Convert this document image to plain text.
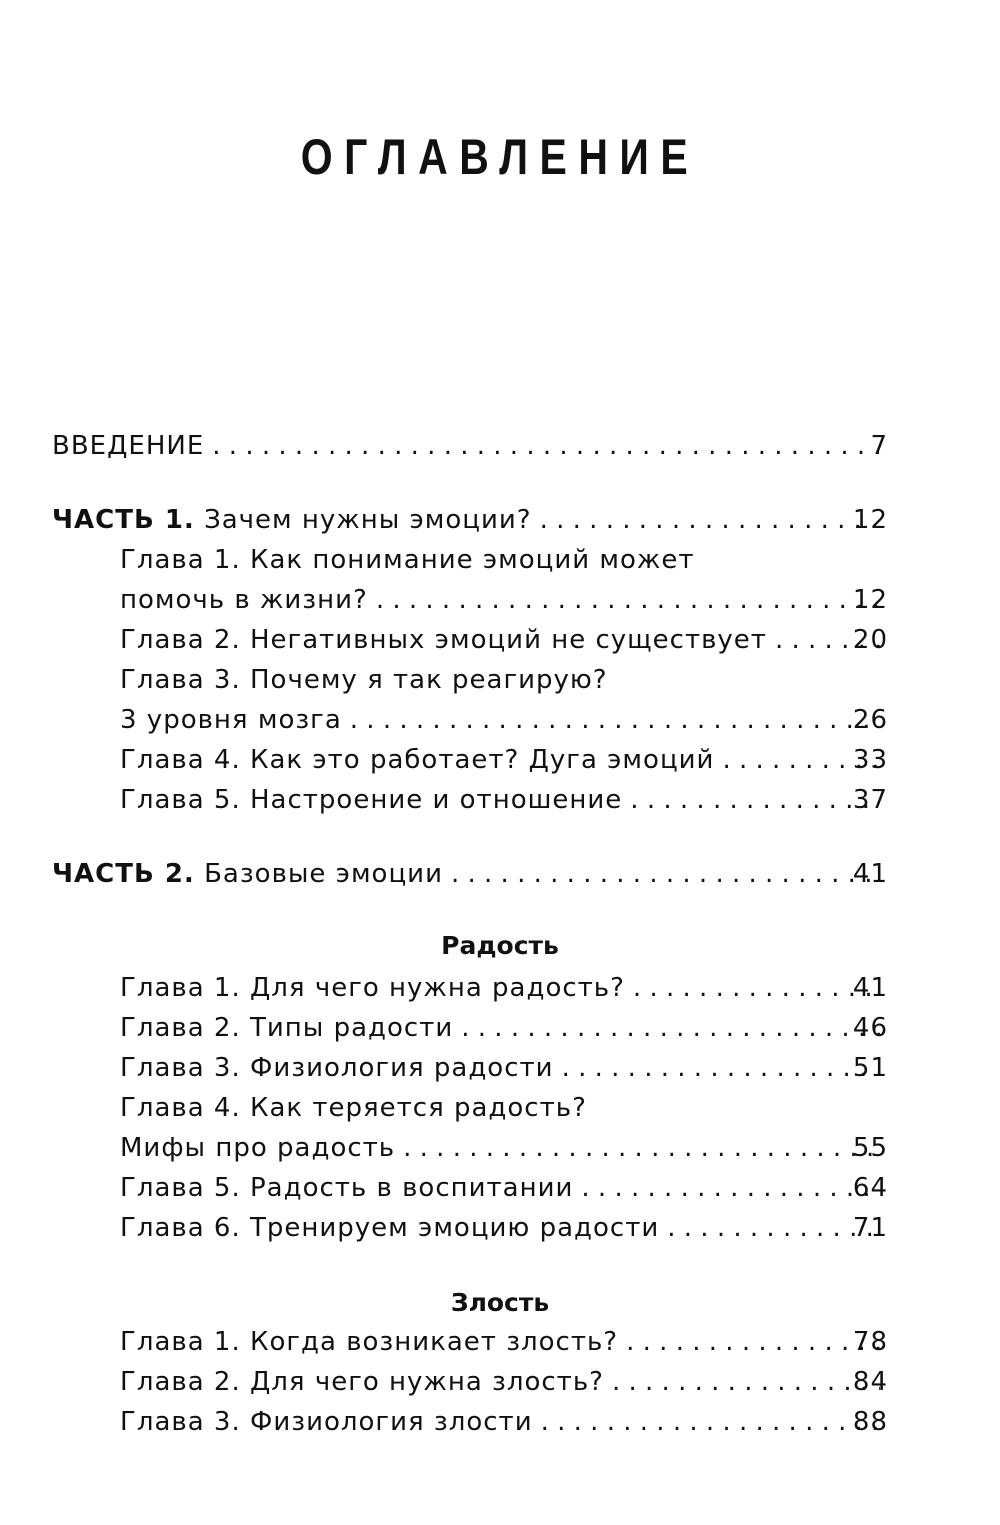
ОГЛАВЛЕНИЕ
ВВЕДЕНИЕ . . .	7
ЧАСТЬ 1. Зачем нужны эмоции? . . .	12
Глава 1. Как понимание эмоций может
помочь в жизни? . . .	12
Глава 2. Негативных эмоций не существует . . .	20
Глава 3. Почему я так реагирую?
3 уровня мозга . . .	26
Глава 4. Как это работает? Дуга эмоций . . .	33
Глава 5. Настроение и отношение . . .	37
ЧАСТЬ 2. Базовые эмоции . . .	41
Радость
Глава 1. Для чего нужна радость? . . .	41
Глава 2. Типы радости . . .	46
Глава 3. Физиология радости . . .	51
Глава 4. Как теряется радость?
Мифы про радость . . .	55
Глава 5. Радость в воспитании . . .	64
Глава 6. Тренируем эмоцию радости . . .	71
Злость
Глава 1. Когда возникает злость? . . .	78
Глава 2. Для чего нужна злость? . . .	84
Глава 3. Физиология злости . . .	88
